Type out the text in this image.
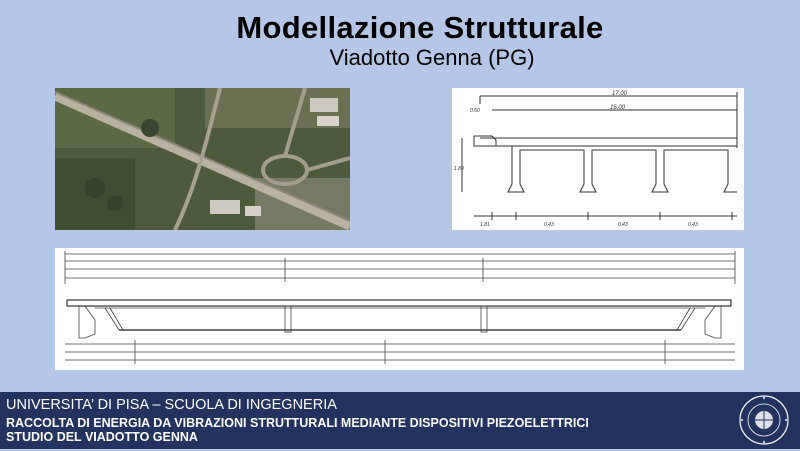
Modellazione Strutturale
Viadotto Genna (PG)
17.00
16.00
0.50
1.80
1.81	0.43	0.43	0.43
UNIVERSITA’ DI PISA – SCUOLA DI INGEGNERIA
RACCOLTA DI ENERGIA DA VIBRAZIONI STRUTTURALI MEDIANTE DISPOSITIVI PIEZOELETTRICI
STUDIO DEL VIADOTTO GENNA
